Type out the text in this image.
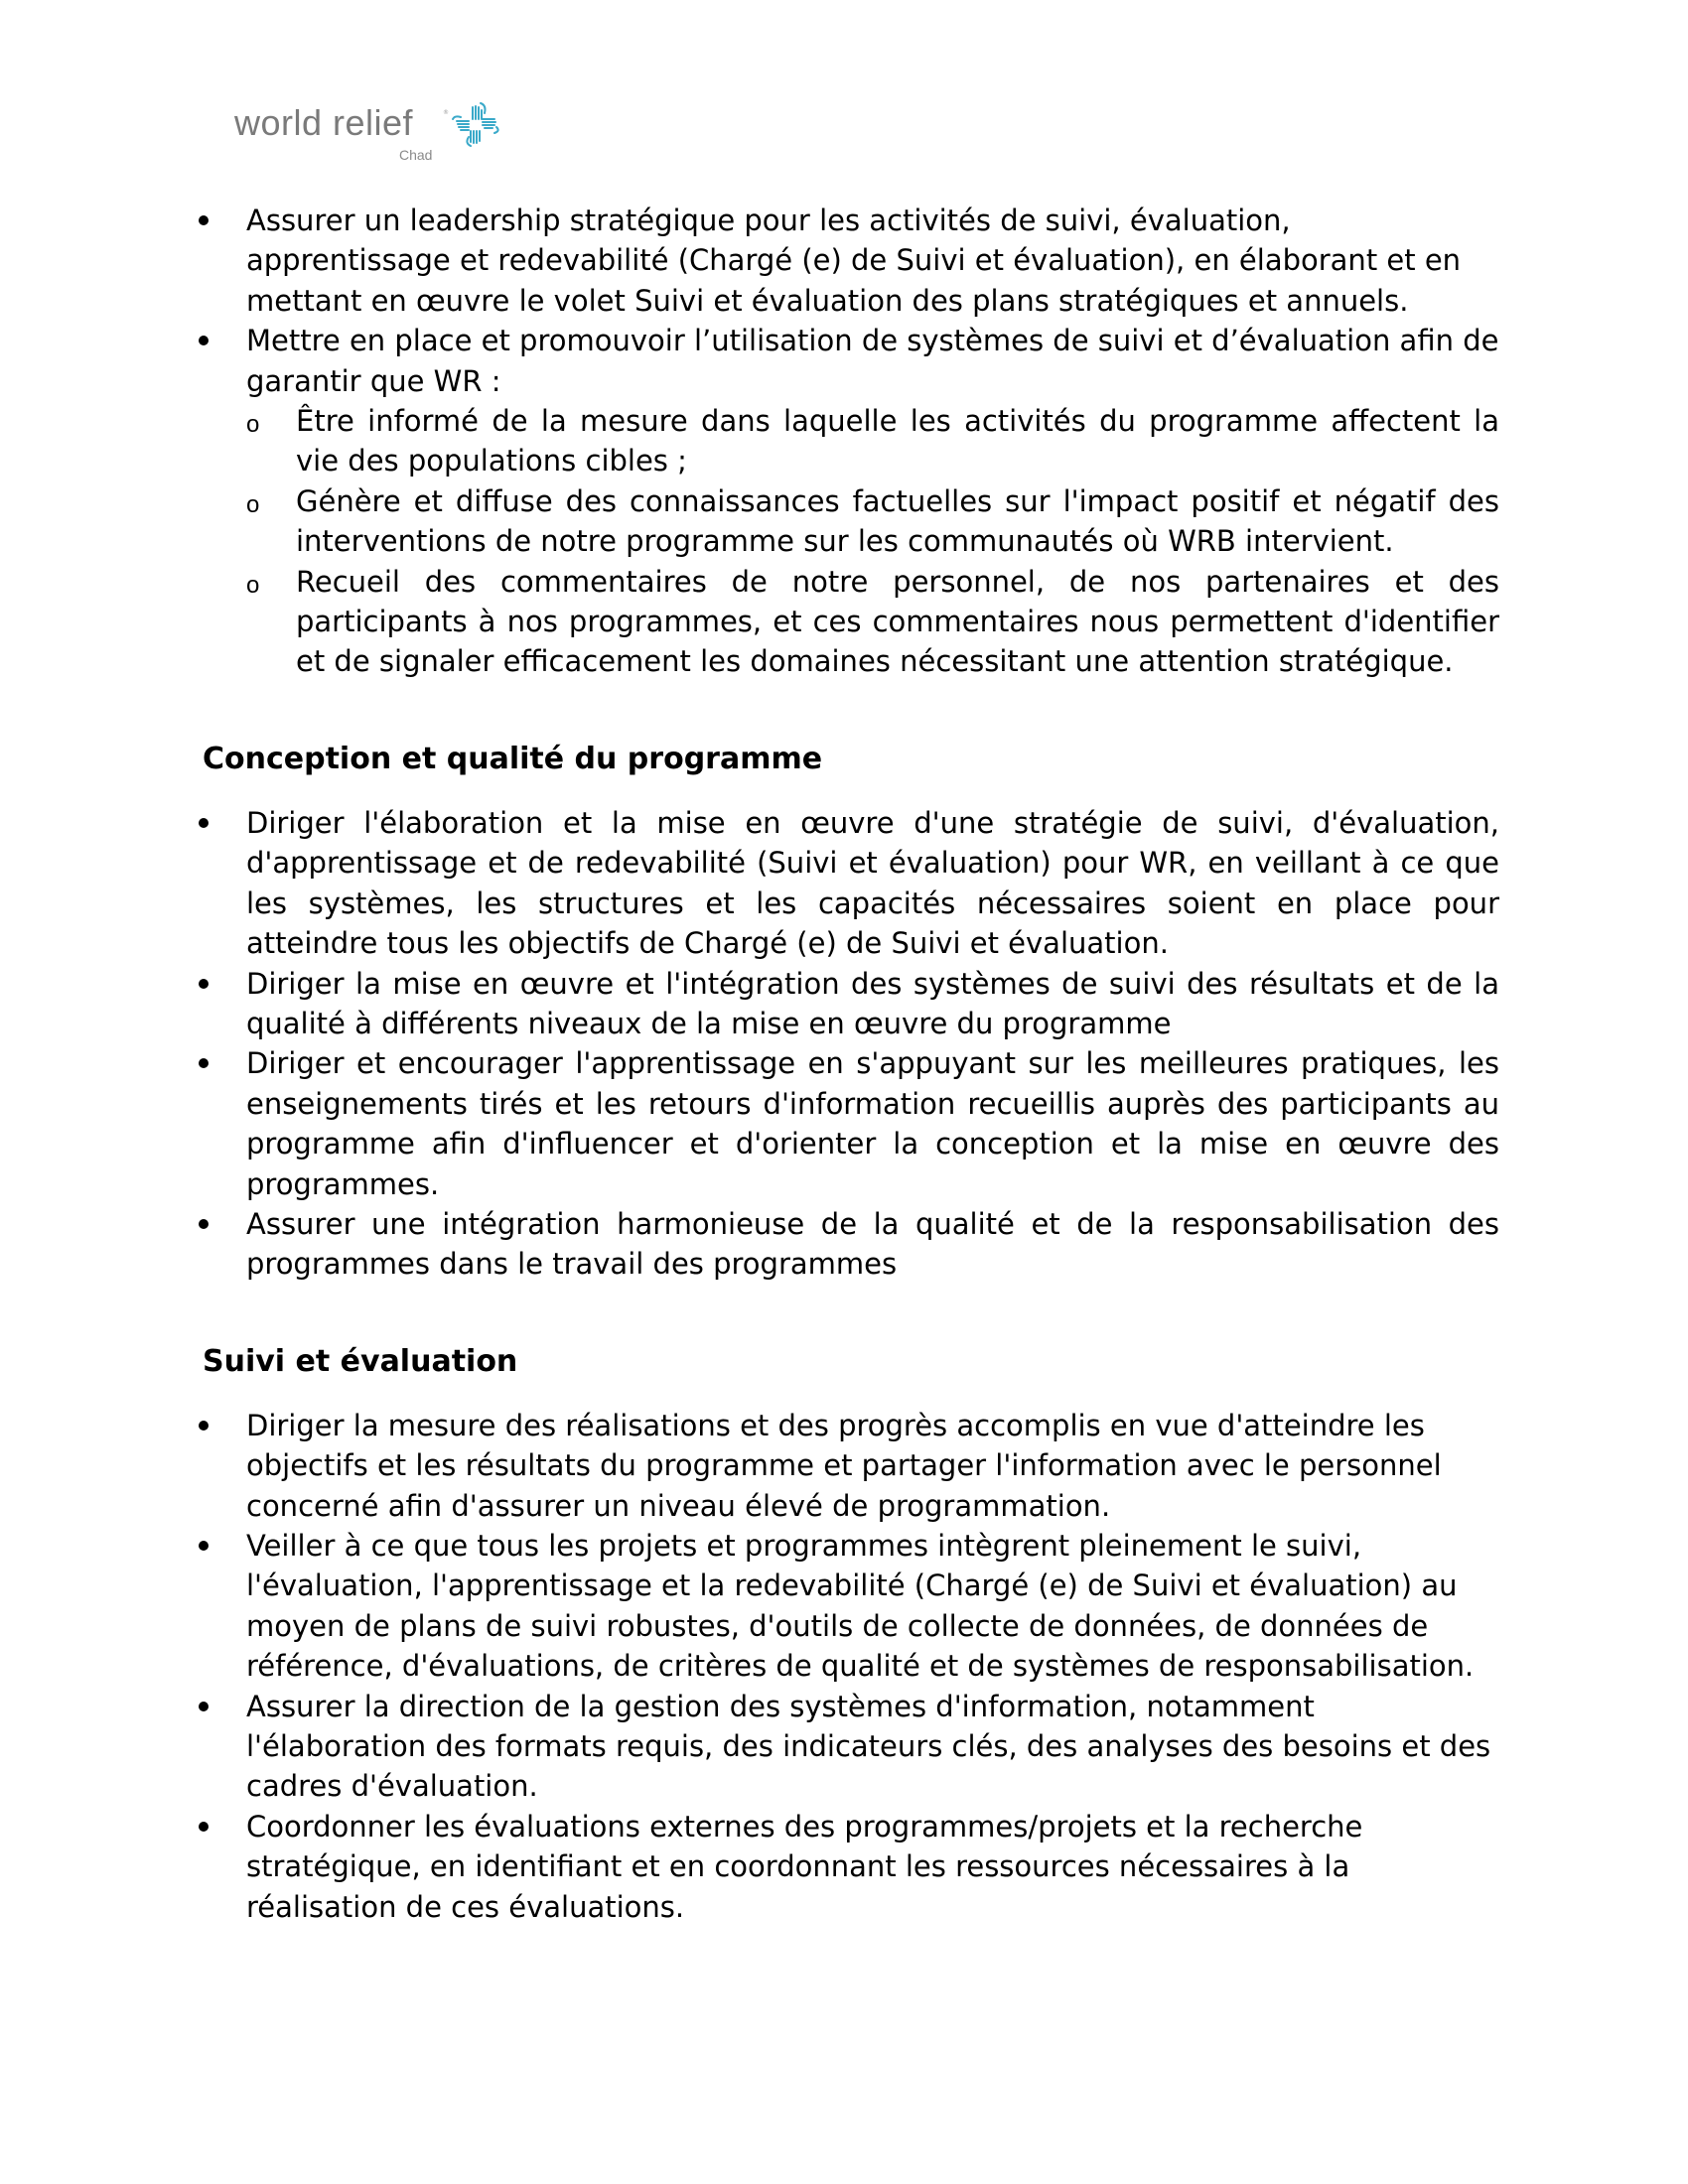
world relief	®
Chad
Assurer un leadership stratégique pour les activités de suivi, évaluation, apprentissage et redevabilité (Chargé (e) de Suivi et évaluation), en élaborant et en mettant en œuvre le volet Suivi et évaluation des plans stratégiques et annuels.
Mettre en place et promouvoir l’utilisation de systèmes de suivi et d’évaluation afin de garantir que WR :
o Être informé de la mesure dans laquelle les activités du programme affectent la vie des populations cibles ;
o Génère et diffuse des connaissances factuelles sur l'impact positif et négatif des interventions de notre programme sur les communautés où WRB intervient.
o Recueil des commentaires de notre personnel, de nos partenaires et des participants à nos programmes, et ces commentaires nous permettent d'identifier et de signaler efficacement les domaines nécessitant une attention stratégique.
Conception et qualité du programme
Diriger l'élaboration et la mise en œuvre d'une stratégie de suivi, d'évaluation, d'apprentissage et de redevabilité (Suivi et évaluation) pour WR, en veillant à ce que les systèmes, les structures et les capacités nécessaires soient en place pour atteindre tous les objectifs de Chargé (e) de Suivi et évaluation.
Diriger la mise en œuvre et l'intégration des systèmes de suivi des résultats et de la qualité à différents niveaux de la mise en œuvre du programme
Diriger et encourager l'apprentissage en s'appuyant sur les meilleures pratiques, les enseignements tirés et les retours d'information recueillis auprès des participants au programme afin d'influencer et d'orienter la conception et la mise en œuvre des programmes.
Assurer une intégration harmonieuse de la qualité et de la responsabilisation des programmes dans le travail des programmes
Suivi et évaluation
Diriger la mesure des réalisations et des progrès accomplis en vue d'atteindre les objectifs et les résultats du programme et partager l'information avec le personnel concerné afin d'assurer un niveau élevé de programmation.
Veiller à ce que tous les projets et programmes intègrent pleinement le suivi, l'évaluation, l'apprentissage et la redevabilité (Chargé (e) de Suivi et évaluation) au moyen de plans de suivi robustes, d'outils de collecte de données, de données de référence, d'évaluations, de critères de qualité et de systèmes de responsabilisation.
Assurer la direction de la gestion des systèmes d'information, notamment l'élaboration des formats requis, des indicateurs clés, des analyses des besoins et des cadres d'évaluation.
Coordonner les évaluations externes des programmes/projets et la recherche stratégique, en identifiant et en coordonnant les ressources nécessaires à la réalisation de ces évaluations.
